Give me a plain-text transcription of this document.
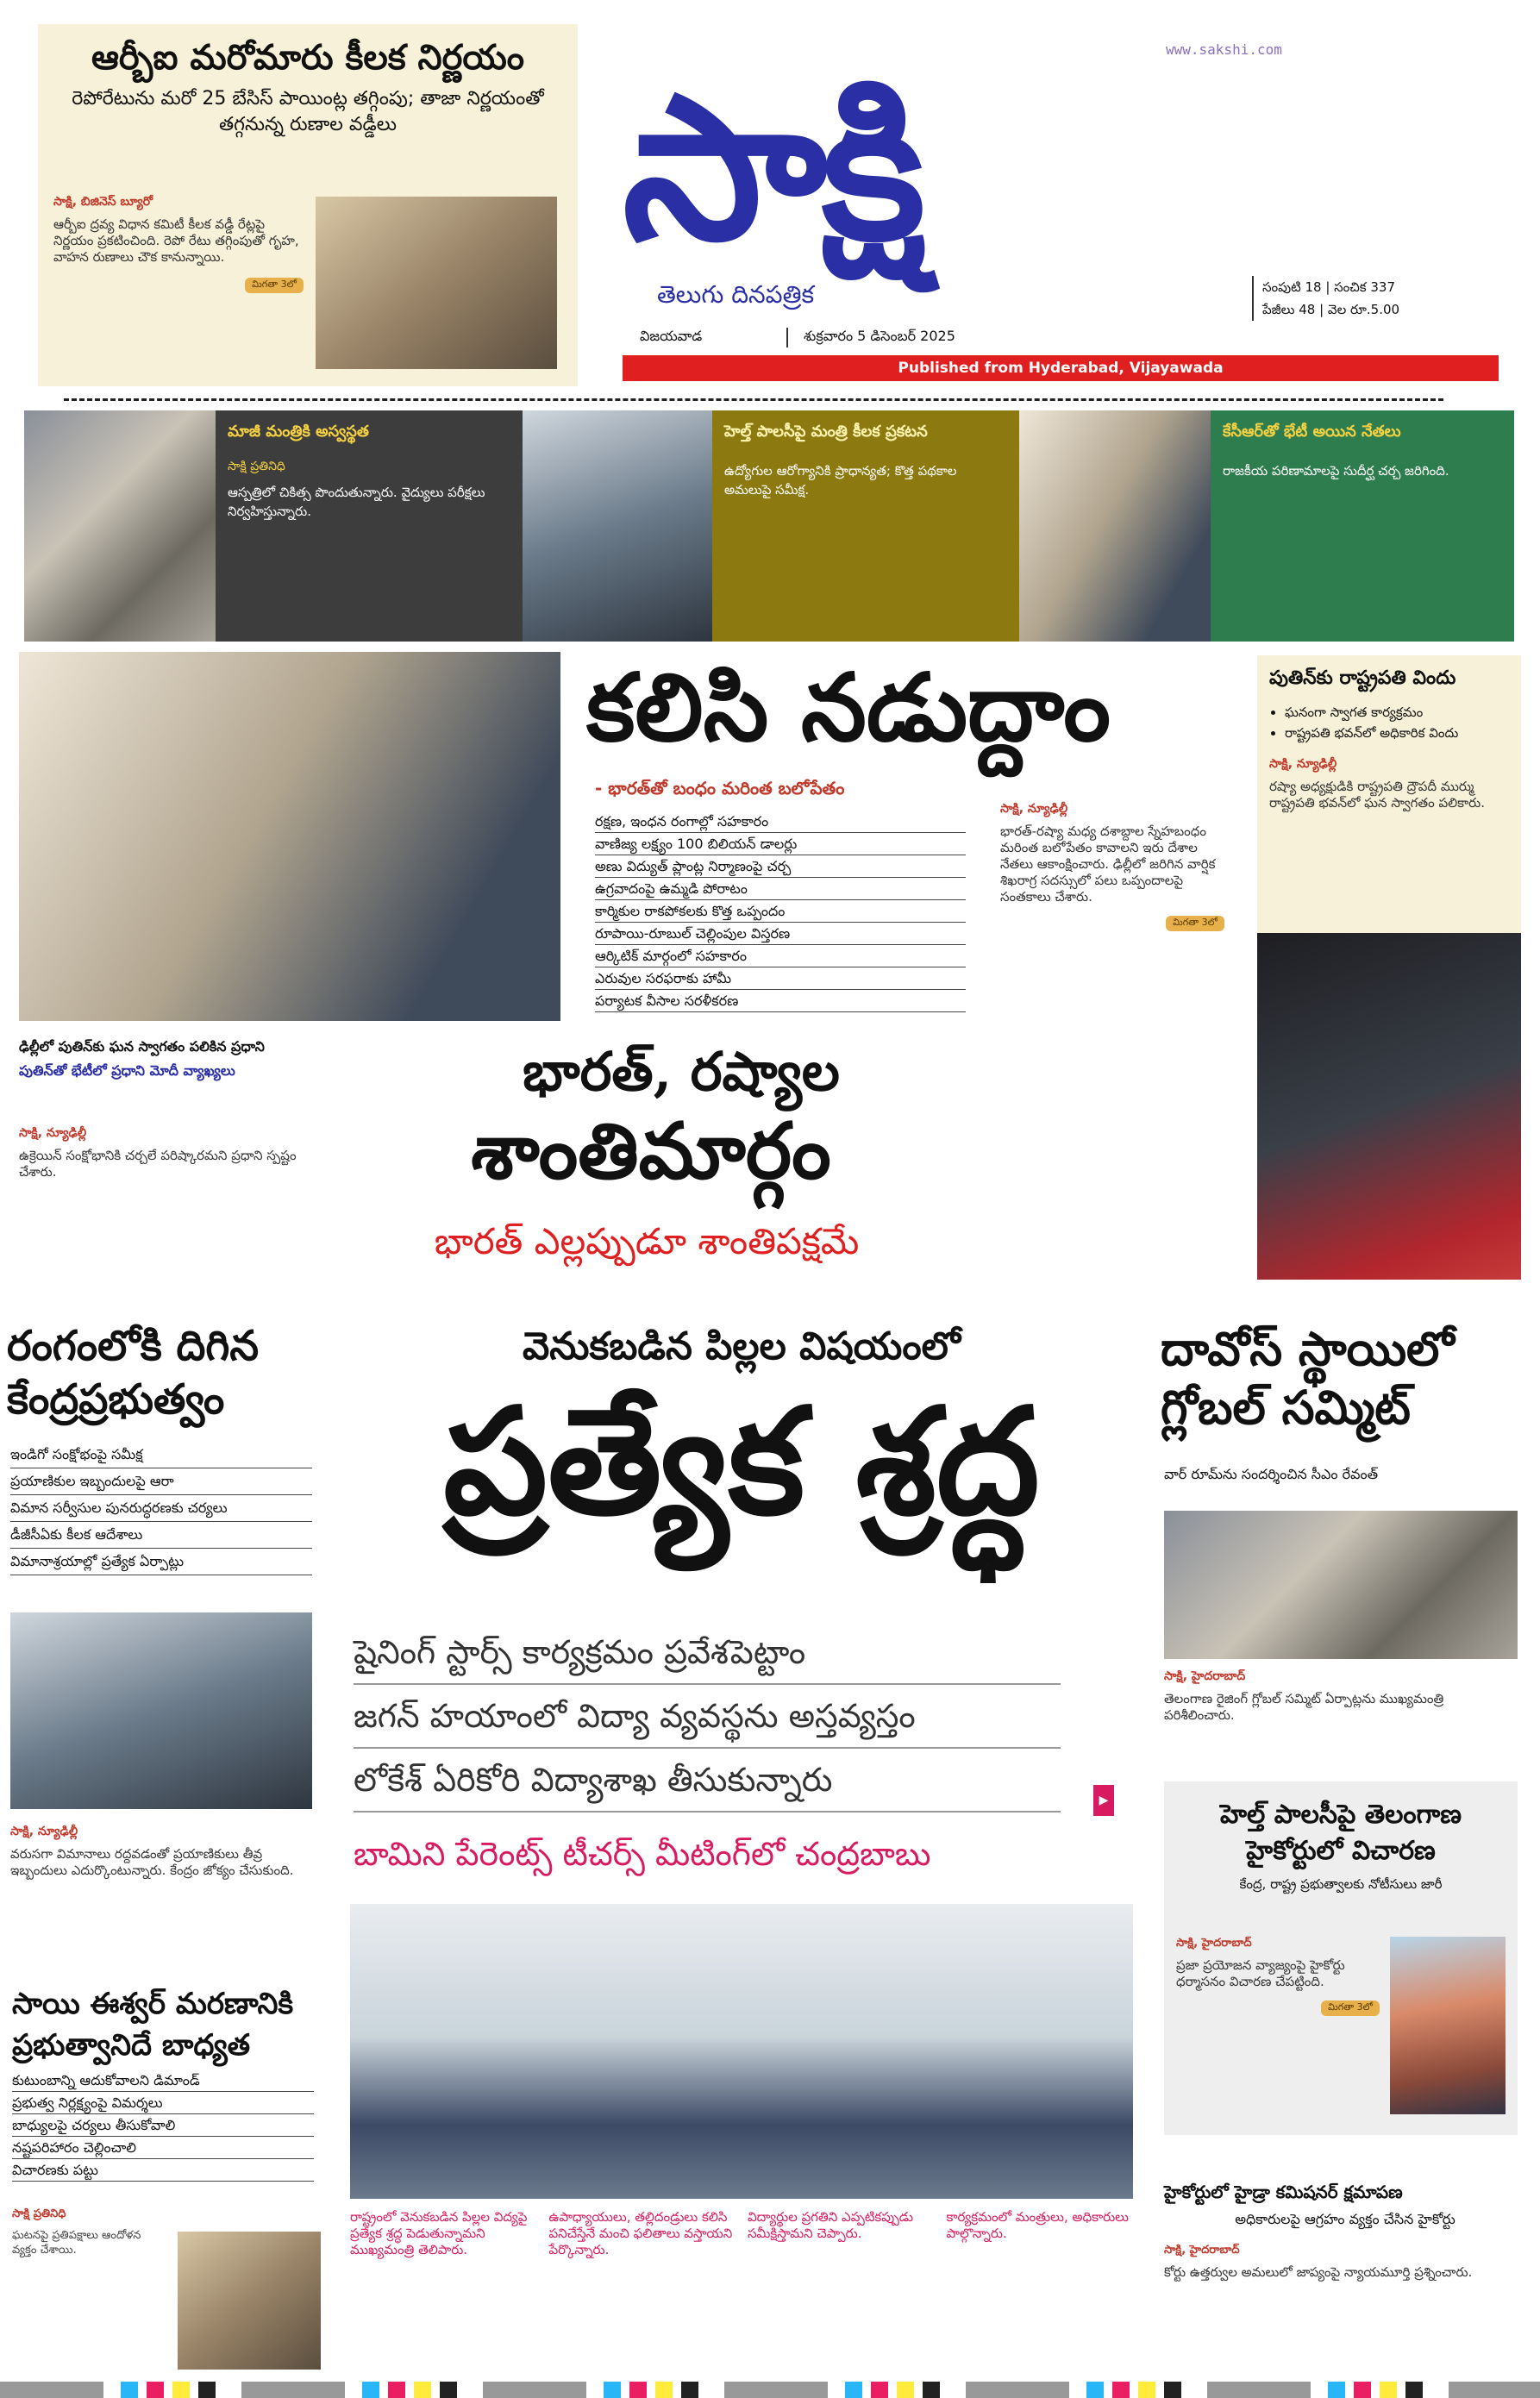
ఆర్బీఐ మరోమారు కీలక నిర్ణయం
రెపోరేటును మరో 25 బేసిస్ పాయింట్ల తగ్గింపు; తాజా నిర్ణయంతో తగ్గనున్న రుణాల వడ్డీలు
సాక్షి, బిజినెస్ బ్యూరో
ఆర్బీఐ ద్రవ్య విధాన కమిటీ కీలక వడ్డీ రేట్లపై నిర్ణయం ప్రకటించింది. రెపో రేటు తగ్గింపుతో గృహ, వాహన రుణాలు చౌక కానున్నాయి.
మిగతా 3లో
www.sakshi.com
సాక్షి
తెలుగు దినపత్రిక
విజయవాడ	శుక్రవారం 5 డిసెంబర్ 2025
సంపుటి 18 | సంచిక 337
పేజీలు 48 | వెల రూ.5.00
Published from Hyderabad, Vijayawada
మాజీ మంత్రికి అస్వస్థత
సాక్షి ప్రతినిధి
ఆస్పత్రిలో చికిత్స పొందుతున్నారు. వైద్యులు పరీక్షలు నిర్వహిస్తున్నారు.
హెల్త్ పాలసీపై మంత్రి కీలక ప్రకటన
ఉద్యోగుల ఆరోగ్యానికి ప్రాధాన్యత; కొత్త పథకాల అమలుపై సమీక్ష.
కేసీఆర్‌తో భేటీ అయిన నేతలు
రాజకీయ పరిణామాలపై సుదీర్ఘ చర్చ జరిగింది.
కలిసి నడుద్దాం
- భారత్‌తో బంధం మరింత బలోపేతం
రక్షణ, ఇంధన రంగాల్లో సహకారం
వాణిజ్య లక్ష్యం 100 బిలియన్ డాలర్లు
అణు విద్యుత్ ప్లాంట్ల నిర్మాణంపై చర్చ
ఉగ్రవాదంపై ఉమ్మడి పోరాటం
కార్మికుల రాకపోకలకు కొత్త ఒప్పందం
రూపాయి-రూబుల్ చెల్లింపుల విస్తరణ
ఆర్కిటిక్ మార్గంలో సహకారం
ఎరువుల సరఫరాకు హామీ
పర్యాటక వీసాల సరళీకరణ
సాక్షి, న్యూఢిల్లీ
భారత్-రష్యా మధ్య దశాబ్దాల స్నేహబంధం మరింత బలోపేతం కావాలని ఇరు దేశాల నేతలు ఆకాంక్షించారు. ఢిల్లీలో జరిగిన వార్షిక శిఖరాగ్ర సదస్సులో పలు ఒప్పందాలపై సంతకాలు చేశారు.
మిగతా 3లో
ఢిల్లీలో పుతిన్‌కు ఘన స్వాగతం పలికిన ప్రధాని
పుతిన్‌తో భేటీలో ప్రధాని మోదీ వ్యాఖ్యలు	భారత్, రష్యాల
శాంతిమార్గం
భారత్ ఎల్లప్పుడూ శాంతిపక్షమే
సాక్షి, న్యూఢిల్లీ
ఉక్రెయిన్ సంక్షోభానికి చర్చలే పరిష్కారమని ప్రధాని స్పష్టం చేశారు.
పుతిన్‌కు రాష్ట్రపతి విందు
• ఘనంగా స్వాగత కార్యక్రమం
• రాష్ట్రపతి భవన్‌లో అధికారిక విందు
సాక్షి, న్యూఢిల్లీ
రష్యా అధ్యక్షుడికి రాష్ట్రపతి ద్రౌపదీ ముర్ము రాష్ట్రపతి భవన్‌లో ఘన స్వాగతం పలికారు.
రంగంలోకి దిగిన కేంద్రప్రభుత్వం
ఇండిగో సంక్షోభంపై సమీక్ష
ప్రయాణికుల ఇబ్బందులపై ఆరా
విమాన సర్వీసుల పునరుద్ధరణకు చర్యలు
డీజీసీఏకు కీలక ఆదేశాలు
విమానాశ్రయాల్లో ప్రత్యేక ఏర్పాట్లు
సాక్షి, న్యూఢిల్లీ
వరుసగా విమానాలు రద్దవడంతో ప్రయాణికులు తీవ్ర ఇబ్బందులు ఎదుర్కొంటున్నారు. కేంద్రం జోక్యం చేసుకుంది.
సాయి ఈశ్వర్ మరణానికి ప్రభుత్వానిదే బాధ్యత
కుటుంబాన్ని ఆదుకోవాలని డిమాండ్
ప్రభుత్వ నిర్లక్ష్యంపై విమర్శలు
బాధ్యులపై చర్యలు తీసుకోవాలి
నష్టపరిహారం చెల్లించాలి
విచారణకు పట్టు
సాక్షి ప్రతినిధి
ఘటనపై ప్రతిపక్షాలు ఆందోళన వ్యక్తం చేశాయి.
వెనుకబడిన పిల్లల విషయంలో
ప్రత్యేక శ్రద్ధ
షైనింగ్ స్టార్స్ కార్యక్రమం ప్రవేశపెట్టాం
జగన్ హయాంలో విద్యా వ్యవస్థను అస్తవ్యస్తం
లోకేశ్ ఏరికోరి విద్యాశాఖ తీసుకున్నారు
బామిని పేరెంట్స్ టీచర్స్ మీటింగ్‌లో చంద్రబాబు
▶
రాష్ట్రంలో వెనుకబడిన పిల్లల విద్యపై ప్రత్యేక శ్రద్ధ పెడుతున్నామని ముఖ్యమంత్రి తెలిపారు.
ఉపాధ్యాయులు, తల్లిదండ్రులు కలిసి పనిచేస్తేనే మంచి ఫలితాలు వస్తాయని పేర్కొన్నారు.
విద్యార్థుల ప్రగతిని ఎప్పటికప్పుడు సమీక్షిస్తామని చెప్పారు.
కార్యక్రమంలో మంత్రులు, అధికారులు పాల్గొన్నారు.
దావోస్ స్థాయిలో గ్లోబల్ సమ్మిట్
వార్ రూమ్‌ను సందర్శించిన సీఎం రేవంత్
సాక్షి, హైదరాబాద్
తెలంగాణ రైజింగ్ గ్లోబల్ సమ్మిట్ ఏర్పాట్లను ముఖ్యమంత్రి పరిశీలించారు.
హెల్త్ పాలసీపై తెలంగాణ హైకోర్టులో విచారణ
కేంద్ర, రాష్ట్ర ప్రభుత్వాలకు నోటీసులు జారీ
సాక్షి, హైదరాబాద్
ప్రజా ప్రయోజన వ్యాజ్యంపై హైకోర్టు ధర్మాసనం విచారణ చేపట్టింది.
మిగతా 3లో
హైకోర్టులో హైడ్రా కమిషనర్ క్షమాపణ
అధికారులపై ఆగ్రహం వ్యక్తం చేసిన హైకోర్టు
సాక్షి, హైదరాబాద్
కోర్టు ఉత్తర్వుల అమలులో జాప్యంపై న్యాయమూర్తి ప్రశ్నించారు.
